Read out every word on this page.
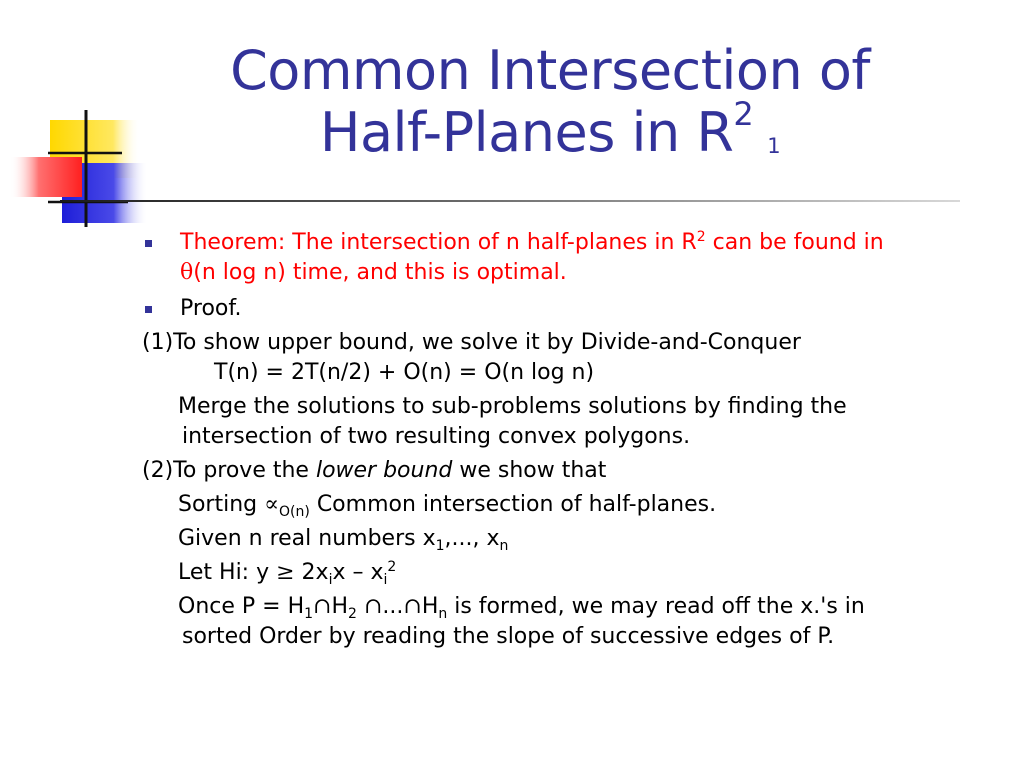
Common Intersection of
Half-Planes in $R^2_1$
Theorem: The intersection of n half-planes in $R^2$ can be found in
θ(n log n) time, and this is optimal.
Proof.
(1)To show upper bound, we solve it by Divide-and-Conquer
T(n) = 2T(n/2) + O(n) = O(n log n)
Merge the solutions to sub-problems solutions by finding the
intersection of two resulting convex polygons.
(2)To prove the lower bound we show that
Sorting $\propto_{O(n)}$ Common intersection of half-planes.
Given n real numbers $x_1$,..., $x_n$
Let Hi: $y \ge 2x_ix - x_i^2$
Once $P = H_1\cap H_2$ $\cap...\cap H_n$ is formed, we may read off the x.'s in
sorted Order by reading the slope of successive edges of P.
